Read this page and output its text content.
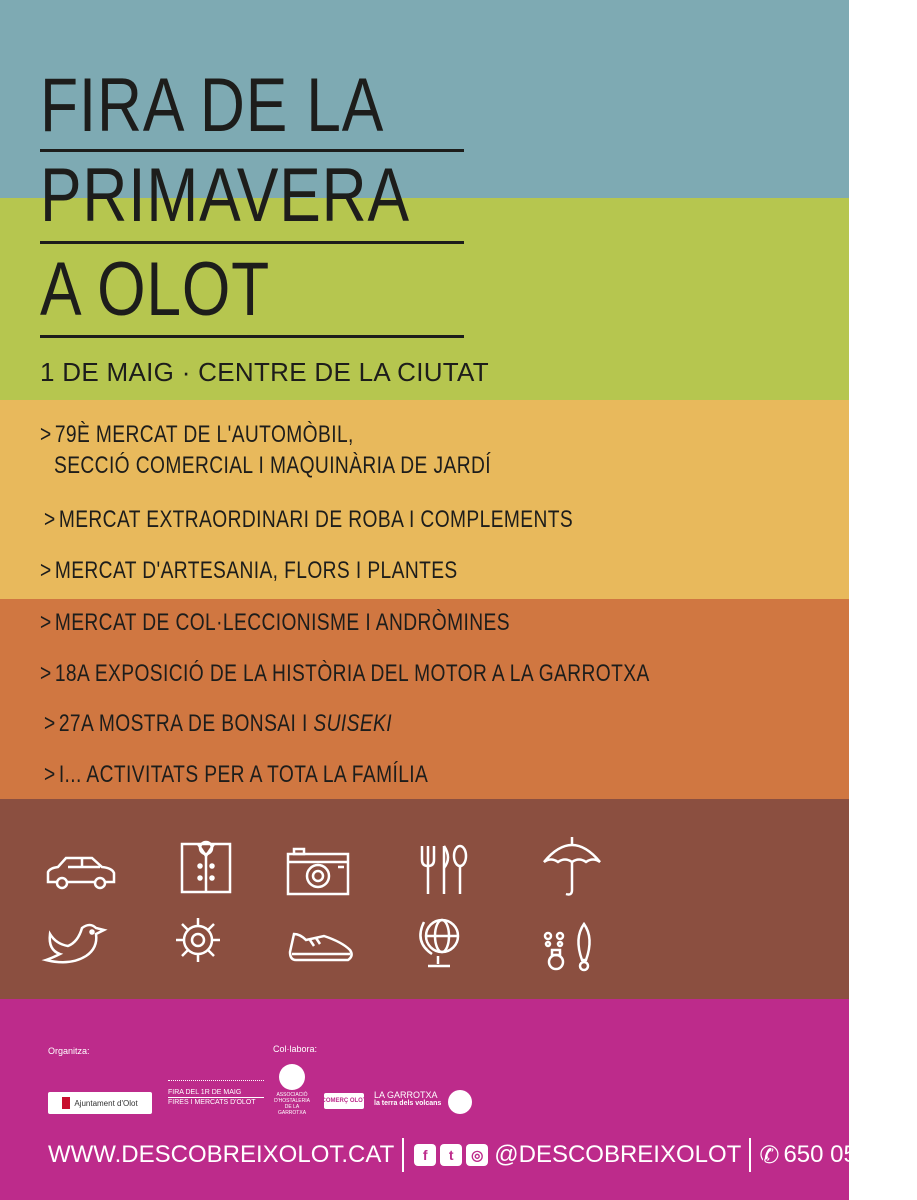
FIRA DE LA
PRIMAVERA
A OLOT
1 DE MAIG · CENTRE DE LA CIUTAT
> 79È MERCAT DE L'AUTOMÒBIL,
SECCIÓ COMERCIAL I MAQUINÀRIA DE JARDÍ
> MERCAT EXTRAORDINARI DE ROBA I COMPLEMENTS
> MERCAT D'ARTESANIA, FLORS I PLANTES
> MERCAT DE COL·LECCIONISME I ANDRÒMINES
> 18A EXPOSICIÓ DE LA HISTÒRIA DEL MOTOR A LA GARROTXA
> 27A MOSTRA DE BONSAI I SUISEKI
> I... ACTIVITATS PER A TOTA LA FAMÍLIA
Organitza:	Col·labora:
Ajuntament d'Olot
FIRA DEL 1R DE MAIG
FIRES I MERCATS D'OLOT
ASSOCIACIÓ D'HOSTALERIA DE LA GARROTXA
COMERÇ OLOT
LA GARROTXA
la terra dels volcans
WWW.DESCOBREIXOLOT.CAT	f	t	◎ @DESCOBREIXOLOT ✆ 650 051 998
